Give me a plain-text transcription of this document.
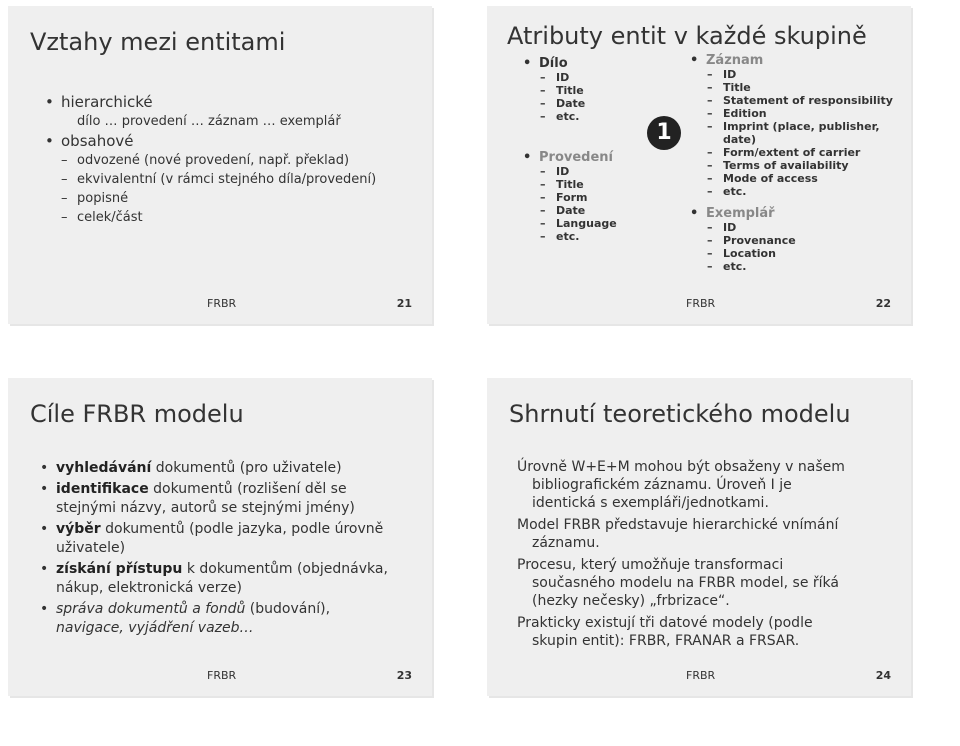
Vztahy mezi entitami
• hierarchické
dílo … provedení … záznam … exemplář
• obsahové
– odvozené (nové provedení, např. překlad)
– ekvivalentní (v rámci stejného díla/provedení)
– popisné
– celek/část
FRBR	21
Atributy entit v každé skupině
• Dílo
– ID
– Title
– Date
– etc.
• Provedení
– ID
– Title
– Form
– Date
– Language
– etc.
1
• Záznam
– ID
– Title
– Statement of responsibility
– Edition
– Imprint (place, publisher,
date)
– Form/extent of carrier
– Terms of availability
– Mode of access
– etc.
• Exemplář
– ID
– Provenance
– Location
– etc.
FRBR	22
Cíle FRBR modelu
• vyhledávání dokumentů (pro uživatele)
• identifikace dokumentů (rozlišení děl se stejnými názvy, autorů se stejnými jmény)
• výběr dokumentů (podle jazyka, podle úrovně uživatele)
• získání přístupu k dokumentům (objednávka, nákup, elektronická verze)
• správa dokumentů a fondů (budování), navigace, vyjádření vazeb…
FRBR	23
Shrnutí teoretického modelu

Úrovně W+E+M mohou být obsaženy v našem bibliografickém záznamu. Úroveň I je identická s exempláři/jednotkami.

Model FRBR představuje hierarchické vnímání záznamu.

Procesu, který umožňuje transformaci současného modelu na FRBR model, se říká (hezky nečesky) „frbrizace“.

Prakticky existují tři datové modely (podle skupin entit): FRBR, FRANAR a FRSAR.

FRBR	24
